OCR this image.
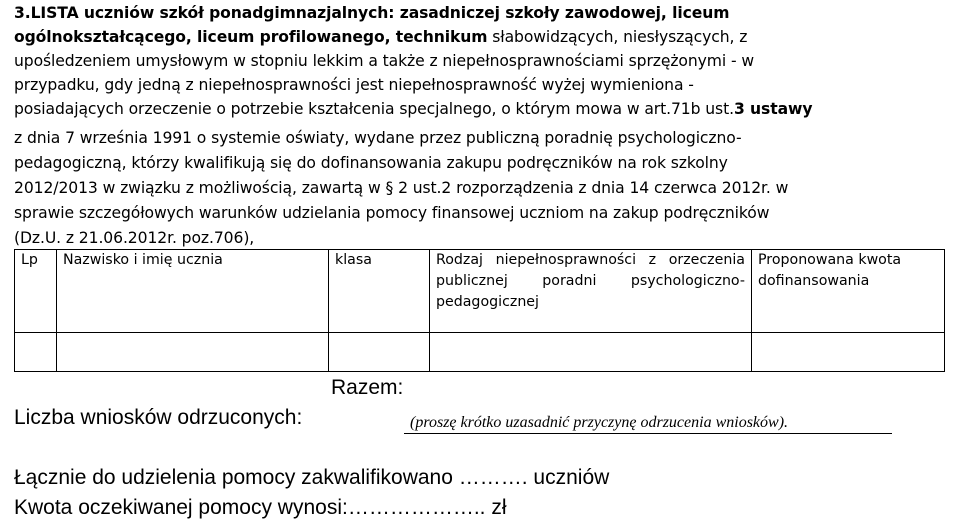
3.LISTA uczniów szkół ponadgimnazjalnych: zasadniczej szkoły zawodowej, liceum
ogólnokształcącego, liceum profilowanego, technikum słabowidzących, niesłyszących, z
upośledzeniem umysłowym w stopniu lekkim a także z niepełnosprawnościami sprzężonymi - w
przypadku, gdy jedną z niepełnosprawności jest niepełnosprawność wyżej wymieniona -
posiadających orzeczenie o potrzebie kształcenia specjalnego, o którym mowa w art.71b ust.3 ustawy
z dnia 7 września 1991 o systemie oświaty, wydane przez publiczną poradnię psychologiczno-
pedagogiczną, którzy kwalifikują się do dofinansowania zakupu podręczników na rok szkolny
2012/2013 w związku z możliwością, zawartą w § 2 ust.2 rozporządzenia z dnia 14 czerwca 2012r. w
sprawie szczegółowych warunków udzielania pomocy finansowej uczniom na zakup podręczników
(Dz.U. z 21.06.2012r. poz.706),
Lp	Nazwisko i imię ucznia	klasa	Rodzaj niepełnosprawności z orzeczenia publicznej poradni psychologiczno-pedagogicznej	Proponowana kwota dofinansowania

Razem:
Liczba wniosków odrzuconych:	(proszę krótko uzasadnić przyczynę odrzucenia wniosków).
Łącznie do udzielenia pomocy zakwalifikowano ………. uczniów
Kwota oczekiwanej pomocy wynosi:……………….. zł
